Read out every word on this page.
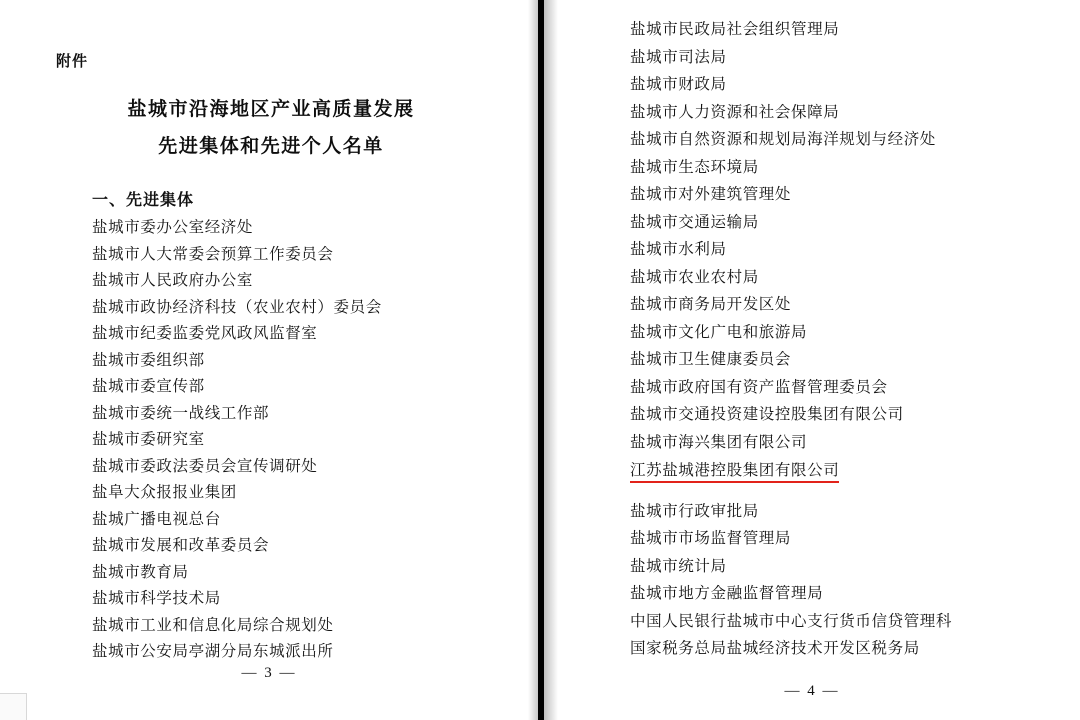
附件
盐城市沿海地区产业高质量发展
先进集体和先进个人名单
一、先进集体
盐城市委办公室经济处
盐城市人大常委会预算工作委员会
盐城市人民政府办公室
盐城市政协经济科技（农业农村）委员会
盐城市纪委监委党风政风监督室
盐城市委组织部
盐城市委宣传部
盐城市委统一战线工作部
盐城市委研究室
盐城市委政法委员会宣传调研处
盐阜大众报报业集团
盐城广播电视总台
盐城市发展和改革委员会
盐城市教育局
盐城市科学技术局
盐城市工业和信息化局综合规划处
盐城市公安局亭湖分局东城派出所
— 3 —
盐城市民政局社会组织管理局
盐城市司法局
盐城市财政局
盐城市人力资源和社会保障局
盐城市自然资源和规划局海洋规划与经济处
盐城市生态环境局
盐城市对外建筑管理处
盐城市交通运输局
盐城市水利局
盐城市农业农村局
盐城市商务局开发区处
盐城市文化广电和旅游局
盐城市卫生健康委员会
盐城市政府国有资产监督管理委员会
盐城市交通投资建设控股集团有限公司
盐城市海兴集团有限公司
江苏盐城港控股集团有限公司
盐城市行政审批局
盐城市市场监督管理局
盐城市统计局
盐城市地方金融监督管理局
中国人民银行盐城市中心支行货币信贷管理科
国家税务总局盐城经济技术开发区税务局
— 4 —
